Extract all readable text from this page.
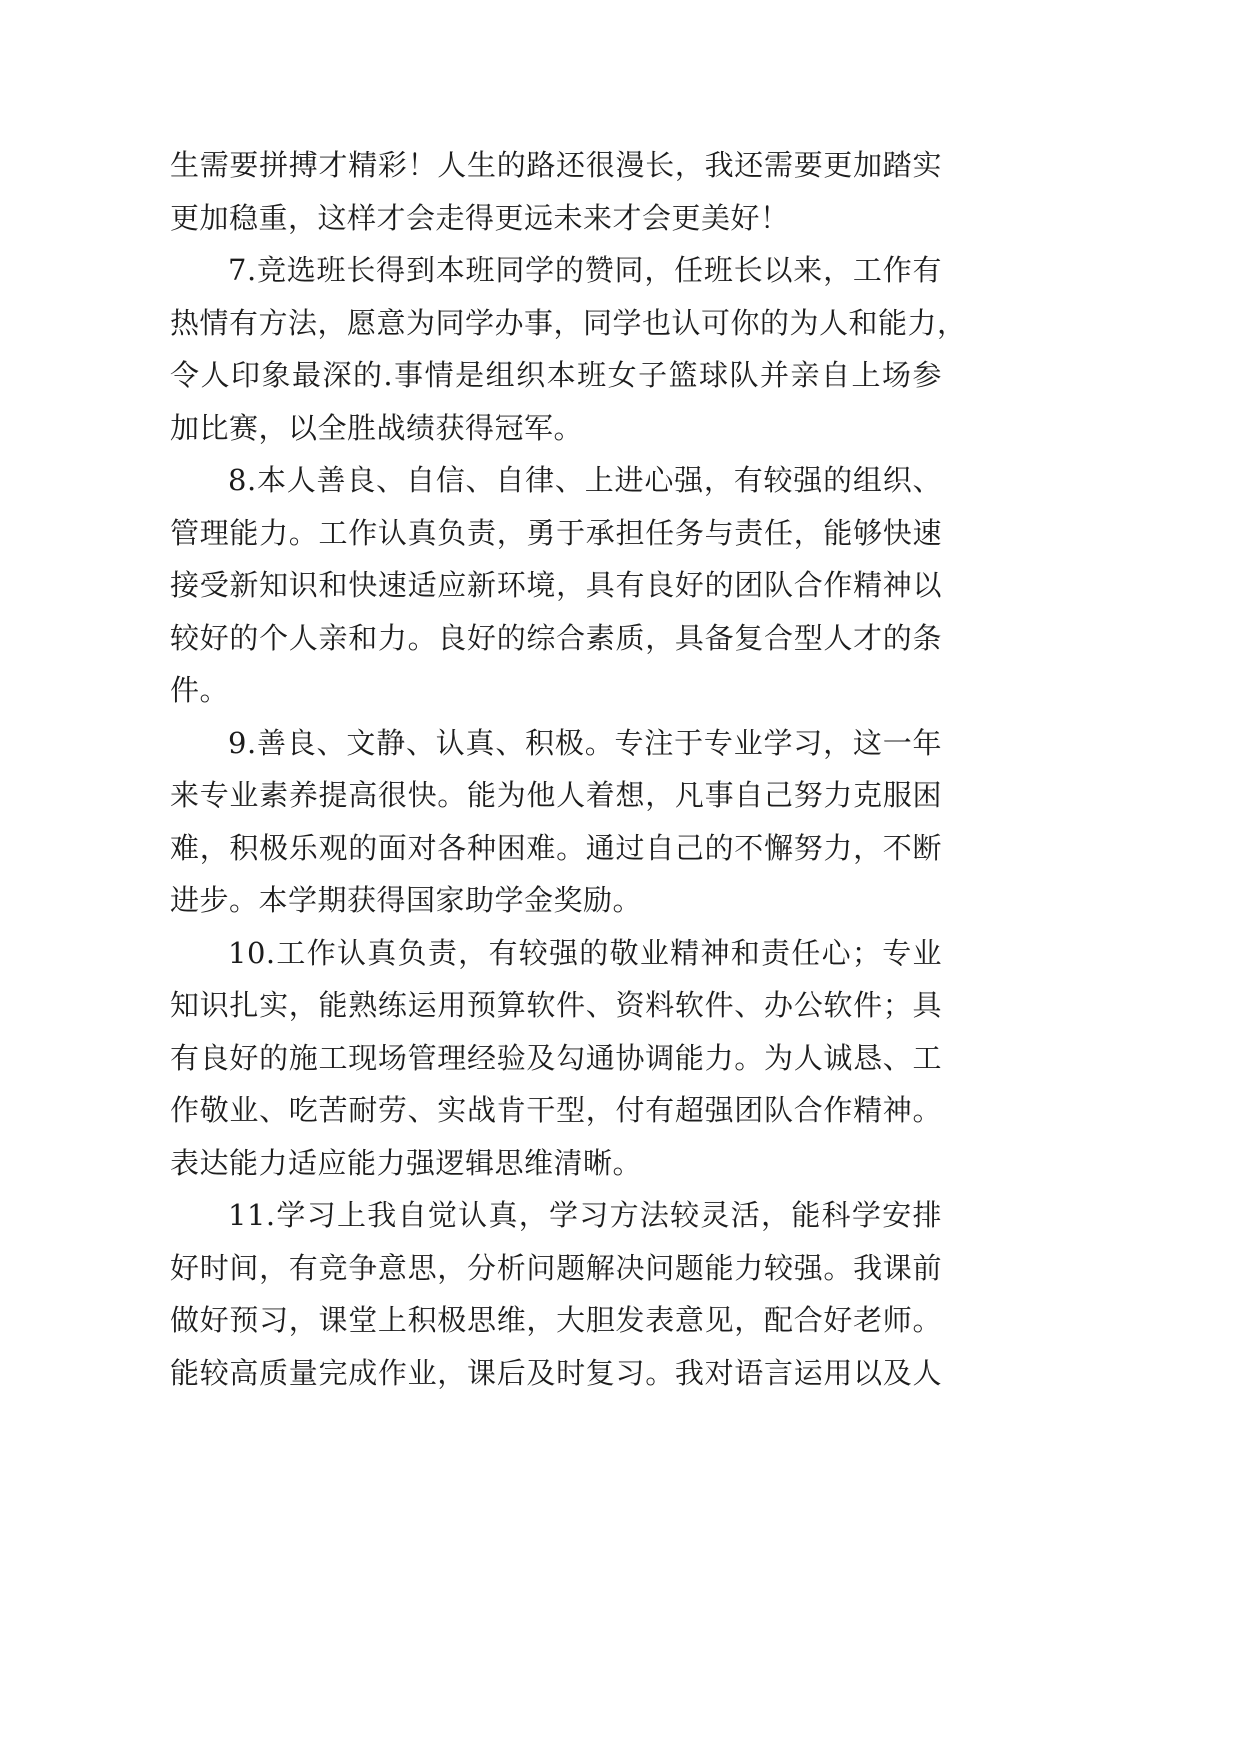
生需要拼搏才精彩！人生的路还很漫长，我还需要更加踏实
更加稳重，这样才会走得更远未来才会更美好！
7.竞选班长得到本班同学的赞同，任班长以来，工作有
热情有方法，愿意为同学办事，同学也认可你的为人和能力，
令人印象最深的.事情是组织本班女子篮球队并亲自上场参
加比赛，以全胜战绩获得冠军。
8.本人善良、自信、自律、上进心强，有较强的组织、
管理能力。工作认真负责，勇于承担任务与责任，能够快速
接受新知识和快速适应新环境，具有良好的团队合作精神以
较好的个人亲和力。良好的综合素质，具备复合型人才的条
件。
9.善良、文静、认真、积极。专注于专业学习，这一年
来专业素养提高很快。能为他人着想，凡事自己努力克服困
难，积极乐观的面对各种困难。通过自己的不懈努力，不断
进步。本学期获得国家助学金奖励。
10.工作认真负责，有较强的敬业精神和责任心；专业
知识扎实，能熟练运用预算软件、资料软件、办公软件；具
有良好的施工现场管理经验及勾通协调能力。为人诚恳、工
作敬业、吃苦耐劳、实战肯干型，付有超强团队合作精神。
表达能力适应能力强逻辑思维清晰。
11.学习上我自觉认真，学习方法较灵活，能科学安排
好时间，有竞争意思，分析问题解决问题能力较强。我课前
做好预习，课堂上积极思维，大胆发表意见，配合好老师。
能较高质量完成作业，课后及时复习。我对语言运用以及人
